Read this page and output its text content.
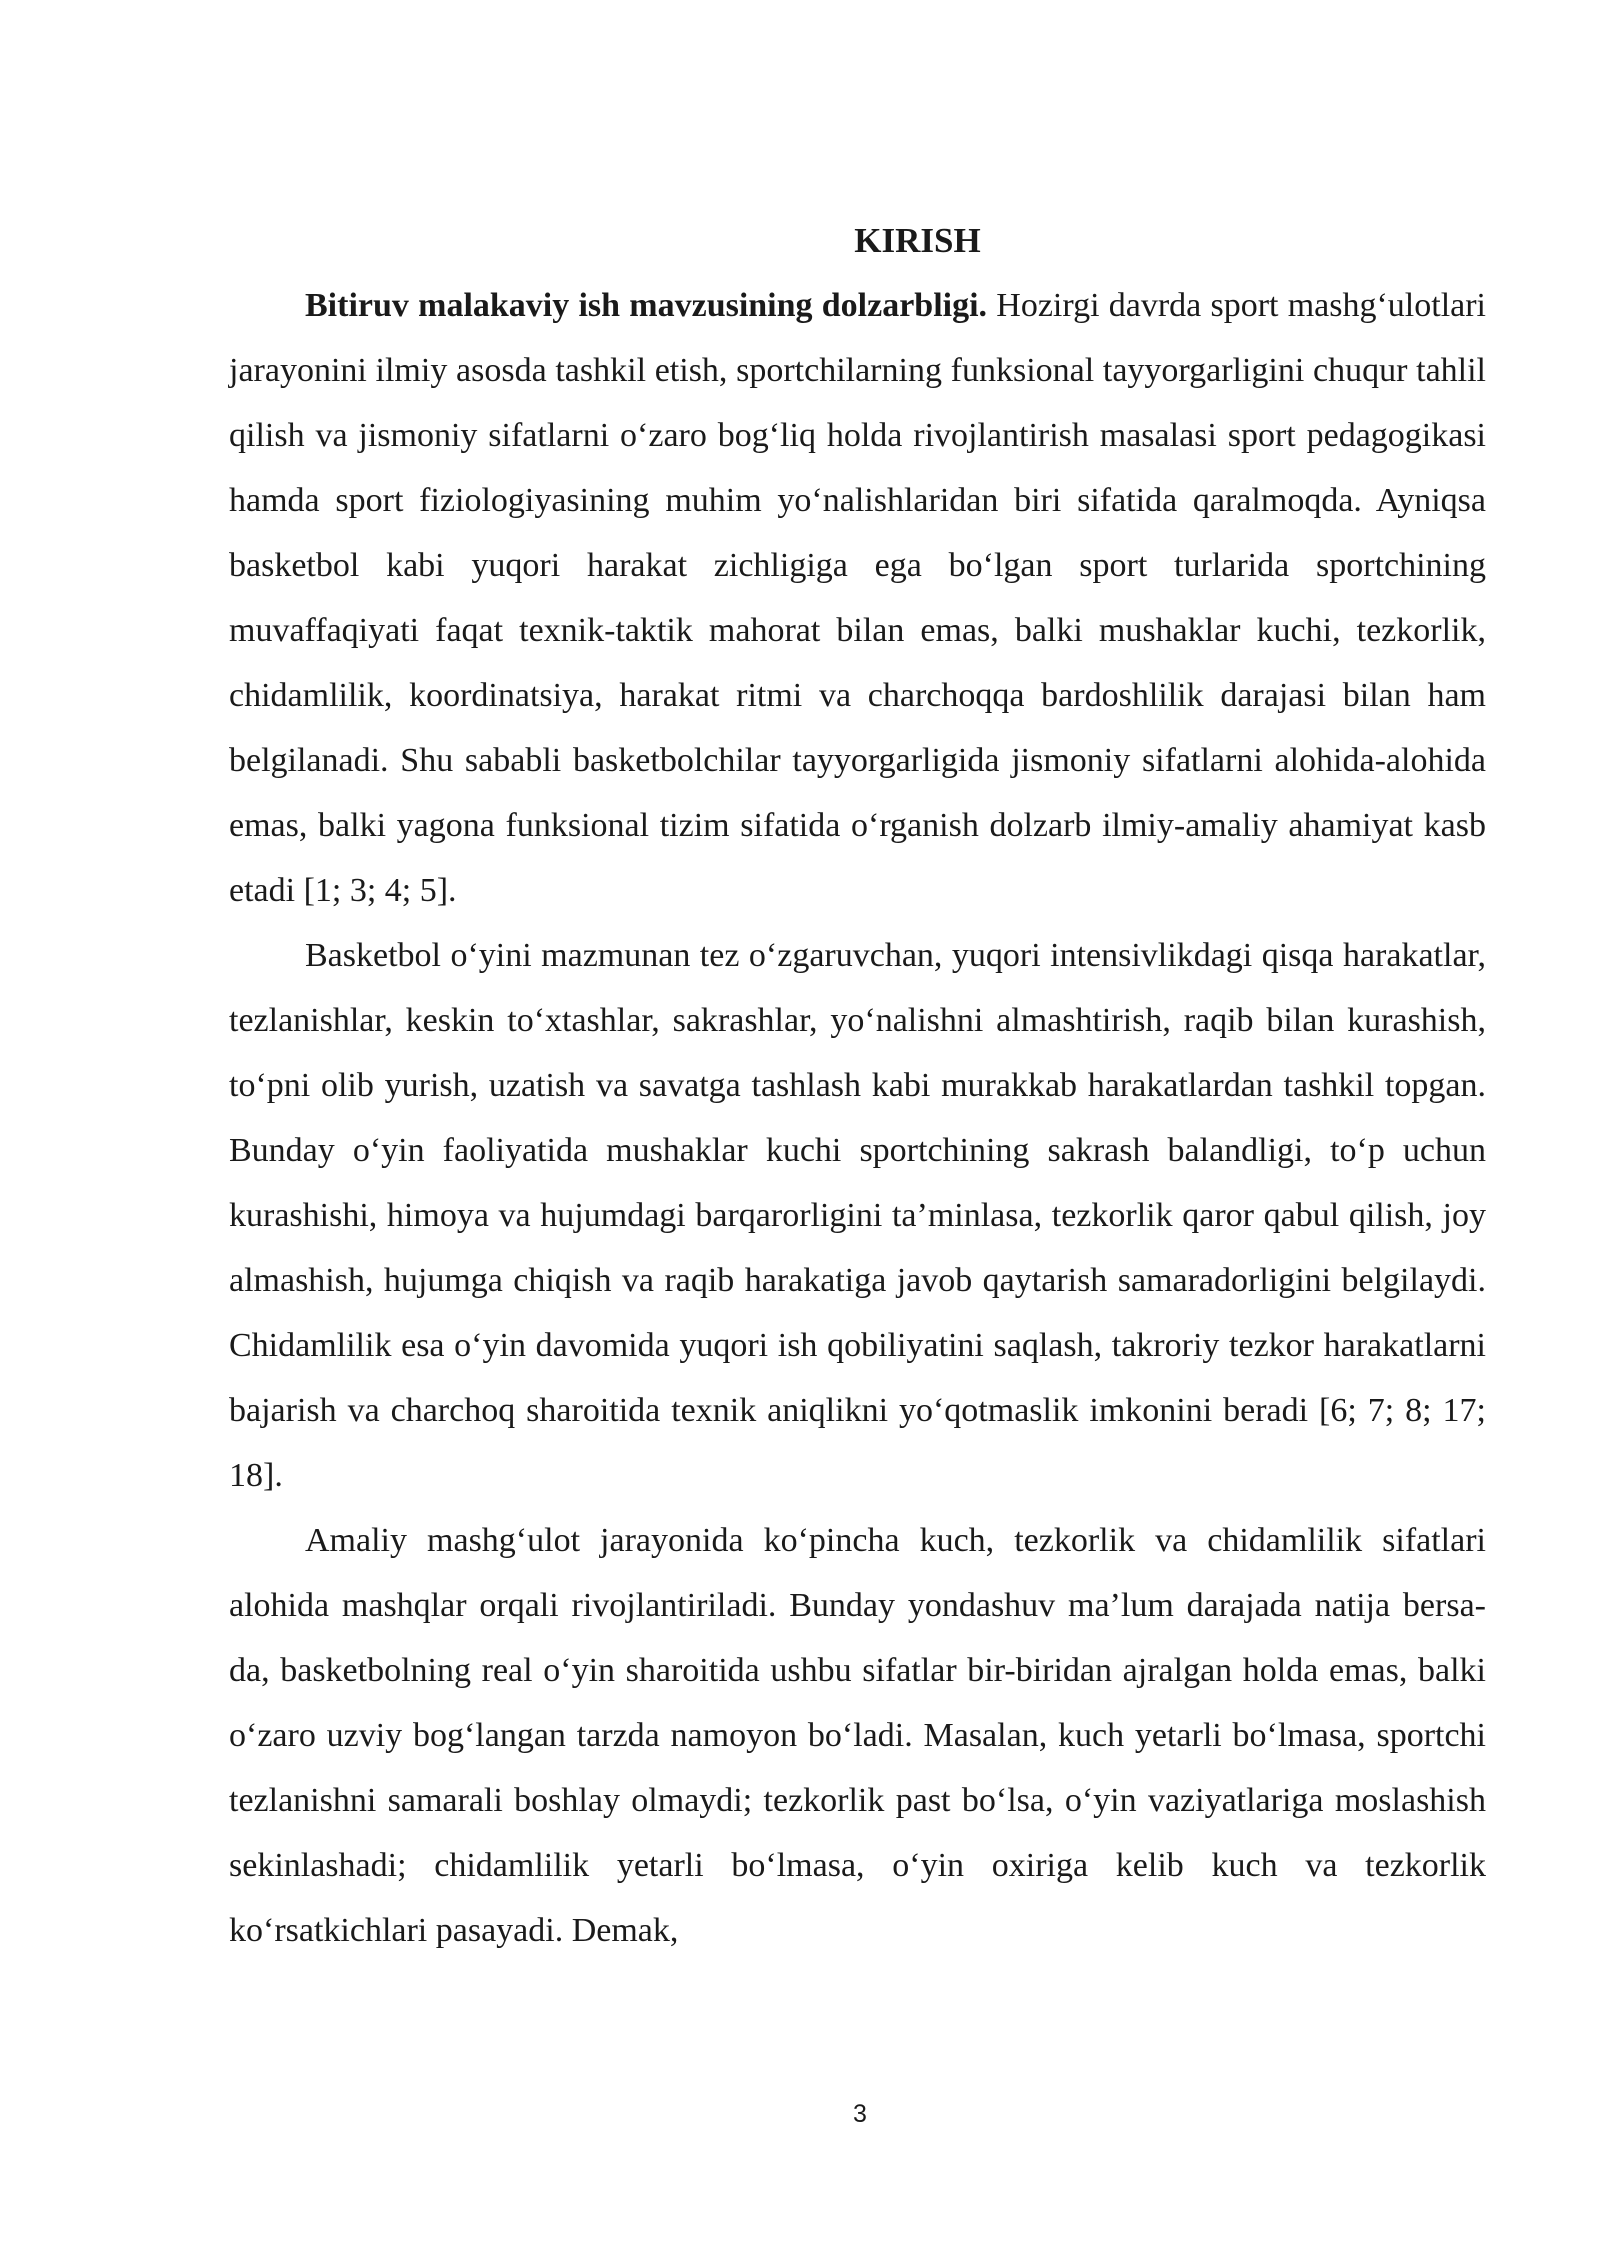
KIRISH

Bitiruv malakaviy ish mavzusining dolzarbligi. Hozirgi davrda sport mashg‘ulotlari jarayonini ilmiy asosda tashkil etish, sportchilarning funksional tayyorgarligini chuqur tahlil qilish va jismoniy sifatlarni o‘zaro bog‘liq holda rivojlantirish masalasi sport pedagogikasi hamda sport fiziologiyasining muhim yo‘nalishlaridan biri sifatida qaralmoqda. Ayniqsa basketbol kabi yuqori harakat zichligiga ega bo‘lgan sport turlarida sportchining muvaffaqiyati faqat texnik-taktik mahorat bilan emas, balki mushaklar kuchi, tezkorlik, chidamlilik, koordinatsiya, harakat ritmi va charchoqqa bardoshlilik darajasi bilan ham belgilanadi. Shu sababli basketbolchilar tayyorgarligida jismoniy sifatlarni alohida-alohida emas, balki yagona funksional tizim sifatida o‘rganish dolzarb ilmiy-amaliy ahamiyat kasb etadi [1; 3; 4; 5].

Basketbol o‘yini mazmunan tez o‘zgaruvchan, yuqori intensivlikdagi qisqa harakatlar, tezlanishlar, keskin to‘xtashlar, sakrashlar, yo‘nalishni almashtirish, raqib bilan kurashish, to‘pni olib yurish, uzatish va savatga tashlash kabi murakkab harakatlardan tashkil topgan. Bunday o‘yin faoliyatida mushaklar kuchi sportchining sakrash balandligi, to‘p uchun kurashishi, himoya va hujumdagi barqarorligini ta’minlasa, tezkorlik qaror qabul qilish, joy almashish, hujumga chiqish va raqib harakatiga javob qaytarish samaradorligini belgilaydi. Chidamlilik esa o‘yin davomida yuqori ish qobiliyatini saqlash, takroriy tezkor harakatlarni bajarish va charchoq sharoitida texnik aniqlikni yo‘qotmaslik imkonini beradi [6; 7; 8; 17; 18].

Amaliy mashg‘ulot jarayonida ko‘pincha kuch, tezkorlik va chidamlilik sifatlari alohida mashqlar orqali rivojlantiriladi. Bunday yondashuv ma’lum darajada natija bersa-da, basketbolning real o‘yin sharoitida ushbu sifatlar bir-biridan ajralgan holda emas, balki o‘zaro uzviy bog‘langan tarzda namoyon bo‘ladi. Masalan, kuch yetarli bo‘lmasa, sportchi tezlanishni samarali boshlay olmaydi; tezkorlik past bo‘lsa, o‘yin vaziyatlariga moslashish sekinlashadi; chidamlilik yetarli bo‘lmasa, o‘yin oxiriga kelib kuch va tezkorlik ko‘rsatkichlari pasayadi. Demak,

3
